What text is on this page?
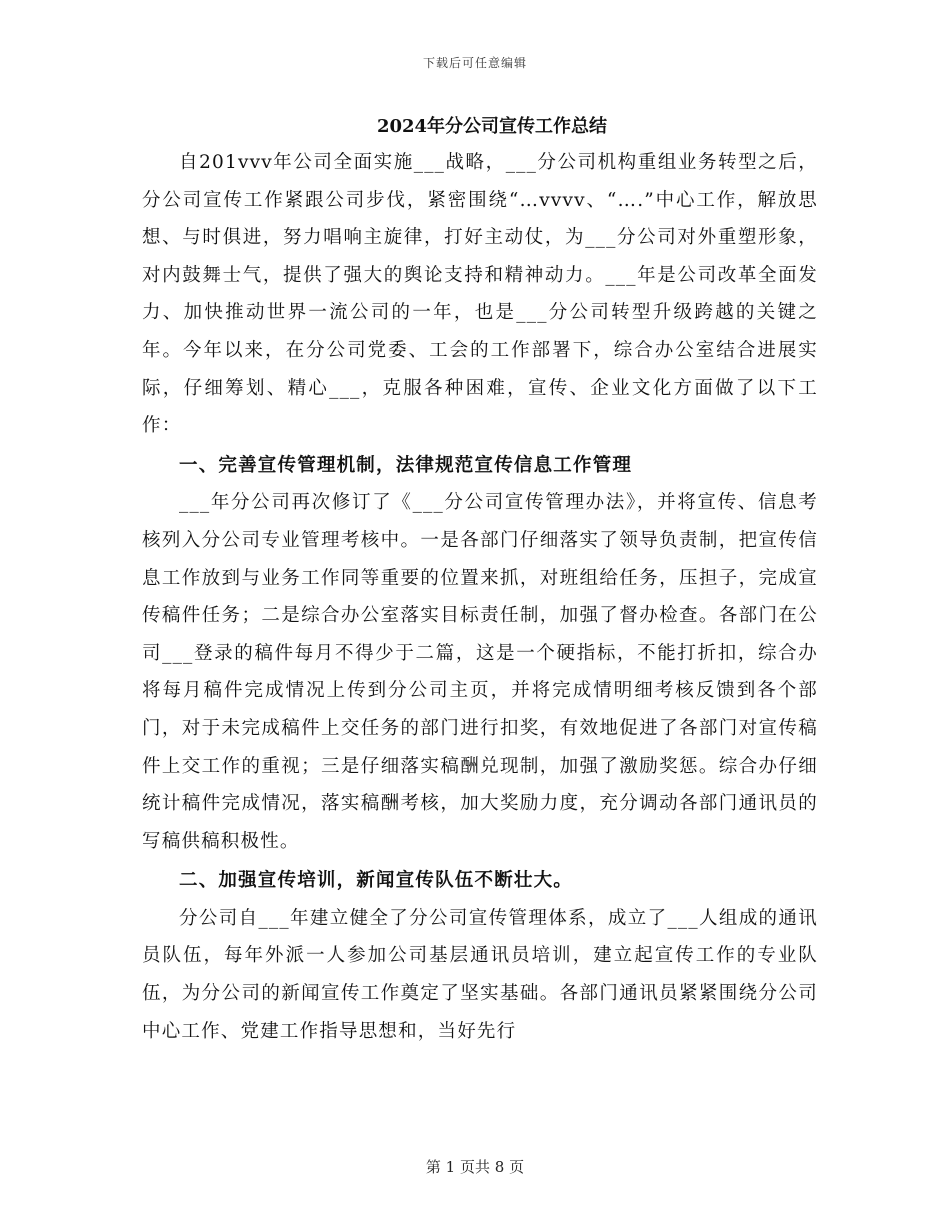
下载后可任意编辑
2024年分公司宣传工作总结

自201vvv年公司全面实施___战略，___分公司机构重组业务转型之后，分公司宣传工作紧跟公司步伐，紧密围绕“…vvvv、“….”中心工作，解放思想、与时俱进，努力唱响主旋律，打好主动仗，为___分公司对外重塑形象，对内鼓舞士气，提供了强大的舆论支持和精神动力。___年是公司改革全面发力、加快推动世界一流公司的一年，也是___分公司转型升级跨越的关键之年。今年以来，在分公司党委、工会的工作部署下，综合办公室结合进展实际，仔细筹划、精心___，克服各种困难，宣传、企业文化方面做了以下工作：

一、完善宣传管理机制，法律规范宣传信息工作管理

___年分公司再次修订了《___分公司宣传管理办法》，并将宣传、信息考核列入分公司专业管理考核中。一是各部门仔细落实了领导负责制，把宣传信息工作放到与业务工作同等重要的位置来抓，对班组给任务，压担子，完成宣传稿件任务；二是综合办公室落实目标责任制，加强了督办检查。各部门在公司___登录的稿件每月不得少于二篇，这是一个硬指标，不能打折扣，综合办将每月稿件完成情况上传到分公司主页，并将完成情明细考核反馈到各个部门，对于未完成稿件上交任务的部门进行扣奖，有效地促进了各部门对宣传稿件上交工作的重视；三是仔细落实稿酬兑现制，加强了激励奖惩。综合办仔细统计稿件完成情况，落实稿酬考核，加大奖励力度，充分调动各部门通讯员的写稿供稿积极性。

二、加强宣传培训，新闻宣传队伍不断壮大。

分公司自___年建立健全了分公司宣传管理体系，成立了___人组成的通讯员队伍，每年外派一人参加公司基层通讯员培训，建立起宣传工作的专业队伍，为分公司的新闻宣传工作奠定了坚实基础。各部门通讯员紧紧围绕分公司中心工作、党建工作指导思想和，当好先行

第 1 页共 8 页
